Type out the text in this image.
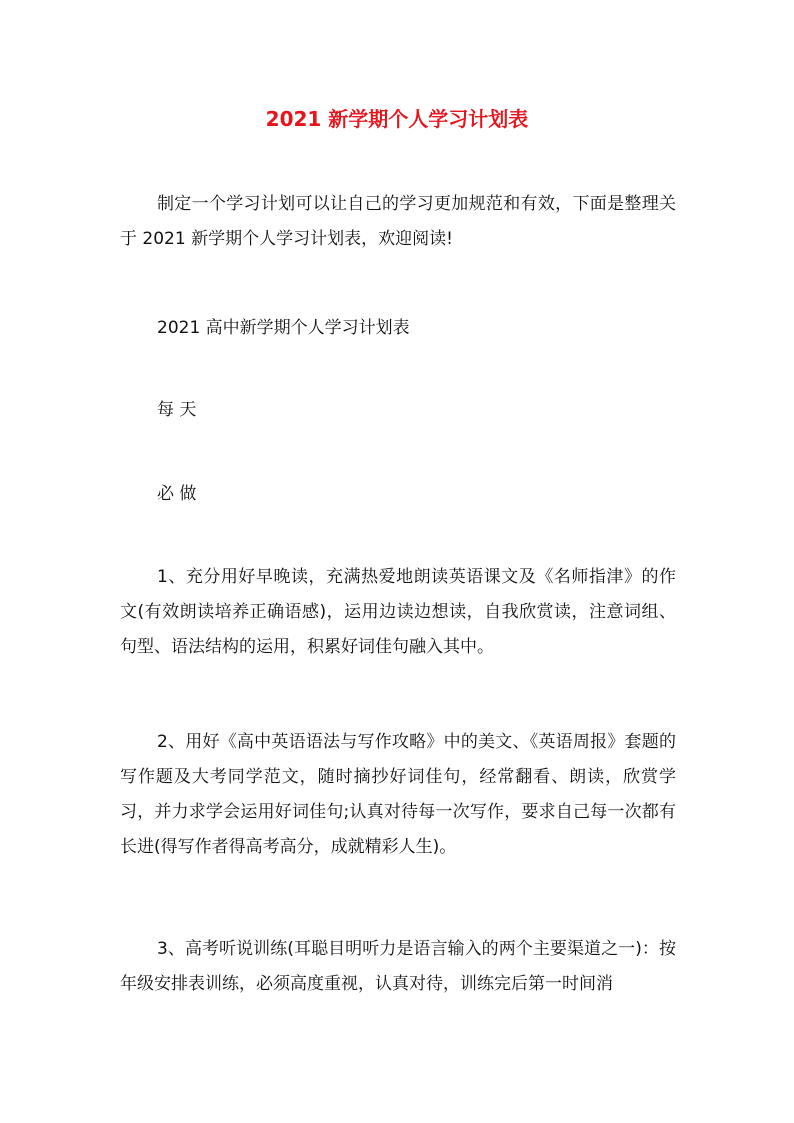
2021 新学期个人学习计划表

制定一个学习计划可以让自己的学习更加规范和有效，下面是整理关于 2021 新学期个人学习计划表，欢迎阅读!

2021 高中新学期个人学习计划表
每 天
必 做

1、充分用好早晚读，充满热爱地朗读英语课文及《名师指津》的作文(有效朗读培养正确语感)，运用边读边想读，自我欣赏读，注意词组、句型、语法结构的运用，积累好词佳句融入其中。

2、用好《高中英语语法与写作攻略》中的美文、《英语周报》套题的写作题及大考同学范文，随时摘抄好词佳句，经常翻看、朗读，欣赏学习，并力求学会运用好词佳句;认真对待每一次写作，要求自己每一次都有长进(得写作者得高考高分，成就精彩人生)。

3、高考听说训练(耳聪目明听力是语言输入的两个主要渠道之一)：按年级安排表训练，必须高度重视，认真对待，训练完后第一时间消
